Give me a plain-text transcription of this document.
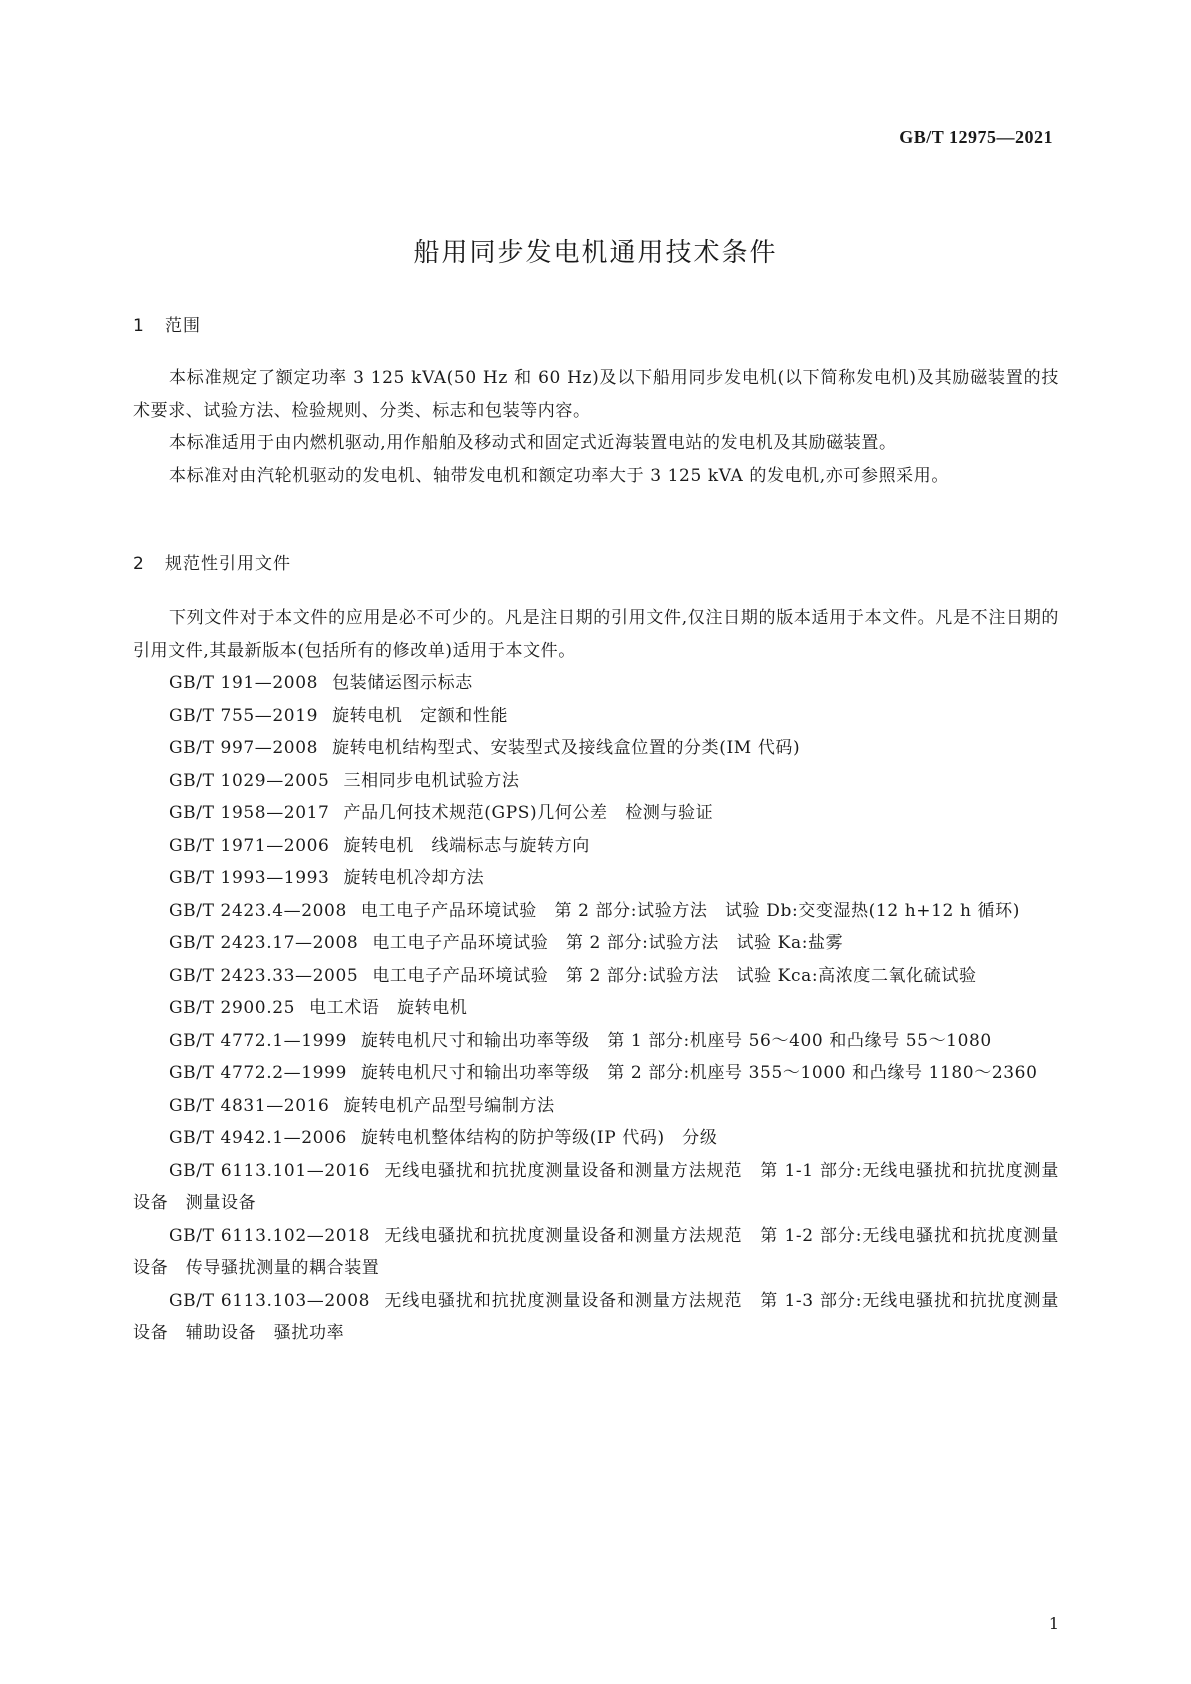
GB/T 12975—2021
船用同步发电机通用技术条件
1 范围

本标准规定了额定功率 3 125 kVA(50 Hz 和 60 Hz)及以下船用同步发电机(以下简称发电机)及其励磁装置的技术要求、试验方法、检验规则、分类、标志和包装等内容。

本标准适用于由内燃机驱动,用作船舶及移动式和固定式近海装置电站的发电机及其励磁装置。

本标准对由汽轮机驱动的发电机、轴带发电机和额定功率大于 3 125 kVA 的发电机,亦可参照采用。

2 规范性引用文件

下列文件对于本文件的应用是必不可少的。凡是注日期的引用文件,仅注日期的版本适用于本文件。凡是不注日期的引用文件,其最新版本(包括所有的修改单)适用于本文件。

GB/T 191—2008 包装储运图示标志

GB/T 755—2019 旋转电机　定额和性能

GB/T 997—2008 旋转电机结构型式、安装型式及接线盒位置的分类(IM 代码)

GB/T 1029—2005 三相同步电机试验方法

GB/T 1958—2017 产品几何技术规范(GPS)几何公差　检测与验证

GB/T 1971—2006 旋转电机　线端标志与旋转方向

GB/T 1993—1993 旋转电机冷却方法

GB/T 2423.4—2008 电工电子产品环境试验　第 2 部分:试验方法　试验 Db:交变湿热(12 h+12 h 循环)

GB/T 2423.17—2008 电工电子产品环境试验　第 2 部分:试验方法　试验 Ka:盐雾

GB/T 2423.33—2005 电工电子产品环境试验　第 2 部分:试验方法　试验 Kca:高浓度二氧化硫试验

GB/T 2900.25 电工术语　旋转电机

GB/T 4772.1—1999 旋转电机尺寸和输出功率等级　第 1 部分:机座号 56～400 和凸缘号 55～1080

GB/T 4772.2—1999 旋转电机尺寸和输出功率等级　第 2 部分:机座号 355～1000 和凸缘号 1180～2360

GB/T 4831—2016 旋转电机产品型号编制方法

GB/T 4942.1—2006 旋转电机整体结构的防护等级(IP 代码)　分级

GB/T 6113.101—2016 无线电骚扰和抗扰度测量设备和测量方法规范　第 1-1 部分:无线电骚扰和抗扰度测量设备　测量设备

GB/T 6113.102—2018 无线电骚扰和抗扰度测量设备和测量方法规范　第 1-2 部分:无线电骚扰和抗扰度测量设备　传导骚扰测量的耦合装置

GB/T 6113.103—2008 无线电骚扰和抗扰度测量设备和测量方法规范　第 1-3 部分:无线电骚扰和抗扰度测量设备　辅助设备　骚扰功率

1
